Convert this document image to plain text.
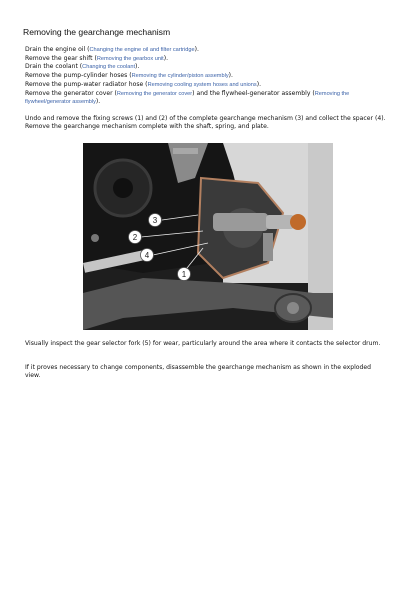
Removing the gearchange mechanism
Drain the engine oil (Changing the engine oil and filter cartridge).
Remove the gear shift (Removing the gearbox unit).
Drain the coolant (Changing the coolant).
Remove the pump-cylinder hoses (Removing the cylinder/piston assembly).
Remove the pump-water radiator hose (Removing cooling system hoses and unions).
Remove the generator cover (Removing the generator cover) and the flywheel-generator assembly (Removing the flywheel/generator assembly).
Undo and remove the fixing screws (1) and (2) of the complete gearchange mechanism (3) and collect the spacer (4).
Remove the gearchange mechanism complete with the shaft, spring, and plate.
3
2
4
1
Visually inspect the gear selector fork (5) for wear, particularly around the area where it contacts the selector drum.
If it proves necessary to change components, disassemble the gearchange mechanism as shown in the exploded view.
